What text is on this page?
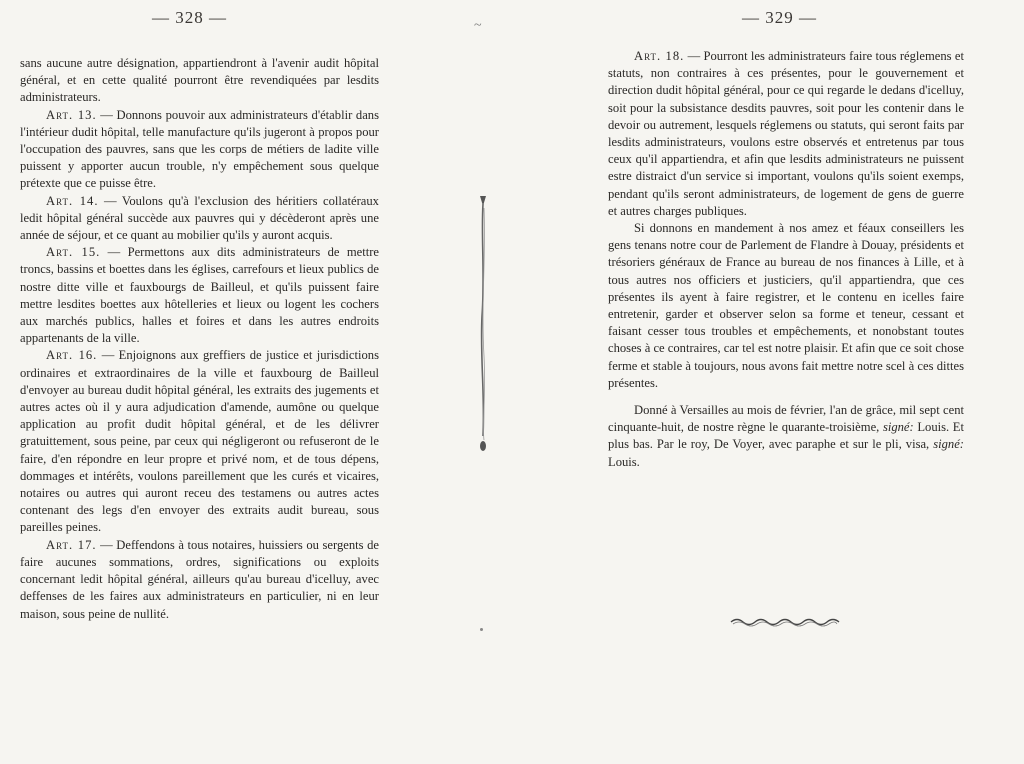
— 328 —

sans aucune autre désignation, appartiendront à l'avenir audit hôpital général, et en cette qualité pourront être revendiquées par lesdits administrateurs.

Art. 13. — Donnons pouvoir aux administrateurs d'établir dans l'intérieur dudit hôpital, telle manufacture qu'ils jugeront à propos pour l'occupation des pauvres, sans que les corps de métiers de ladite ville puissent y apporter aucun trouble, n'y empêchement sous quelque prétexte que ce puisse être.

Art. 14. — Voulons qu'à l'exclusion des héritiers collatéraux ledit hôpital général succède aux pauvres qui y décèderont après une année de séjour, et ce quant au mobilier qu'ils y auront acquis.

Art. 15. — Permettons aux dits administrateurs de mettre troncs, bassins et boettes dans les églises, carrefours et lieux publics de nostre ditte ville et fauxbourgs de Bailleul, et qu'ils puissent faire mettre lesdites boettes aux hôtelleries et lieux ou logent les cochers aux marchés publics, halles et foires et dans les autres endroits appartenants de la ville.

Art. 16. — Enjoignons aux greffiers de justice et jurisdictions ordinaires et extraordinaires de la ville et fauxbourg de Bailleul d'envoyer au bureau dudit hôpital général, les extraits des jugements et autres actes où il y aura adjudication d'amende, aumône ou quelque application au profit dudit hôpital général, et de les délivrer gratuittement, sous peine, par ceux qui négligeront ou refuseront de le faire, d'en répondre en leur propre et privé nom, et de tous dépens, dommages et intérêts, voulons pareillement que les curés et vicaires, notaires ou autres qui auront receu des testamens ou autres actes contenant des legs d'en envoyer des extraits audit bureau, sous pareilles peines.

Art. 17. — Deffendons à tous notaires, huissiers ou sergents de faire aucunes sommations, ordres, significations ou exploits concernant ledit hôpital général, ailleurs qu'au bureau d'icelluy, avec deffenses de les faires aux administrateurs en particulier, ni en leur maison, sous peine de nullité.

~	— 329 —

Art. 18. — Pourront les administrateurs faire tous réglemens et statuts, non contraires à ces présentes, pour le gouvernement et direction dudit hôpital général, pour ce qui regarde le dedans d'icelluy, soit pour la subsistance desdits pauvres, soit pour les contenir dans le devoir ou autrement, lesquels réglemens ou statuts, qui seront faits par lesdits administrateurs, voulons estre observés et entretenus par tous ceux qu'il appartiendra, et afin que lesdits administrateurs ne puissent estre distraict d'un service si important, voulons qu'ils soient exemps, pendant qu'ils seront administrateurs, de logement de gens de guerre et autres charges publiques.

Si donnons en mandement à nos amez et féaux conseillers les gens tenans notre cour de Parlement de Flandre à Douay, présidents et trésoriers généraux de France au bureau de nos finances à Lille, et à tous autres nos officiers et justiciers, qu'il appartiendra, que ces présentes ils ayent à faire registrer, et le contenu en icelles faire entretenir, garder et observer selon sa forme et teneur, cessant et faisant cesser tous troubles et empêchements, et nonobstant toutes choses à ce contraires, car tel est notre plaisir. Et afin que ce soit chose ferme et stable à toujours, nous avons fait mettre notre scel à ces dittes présentes.

Donné à Versailles au mois de février, l'an de grâce, mil sept cent cinquante-huit, de nostre règne le quarante-troisième, signé: Louis. Et plus bas. Par le roy, De Voyer, avec paraphe et sur le pli, visa, signé: Louis.
